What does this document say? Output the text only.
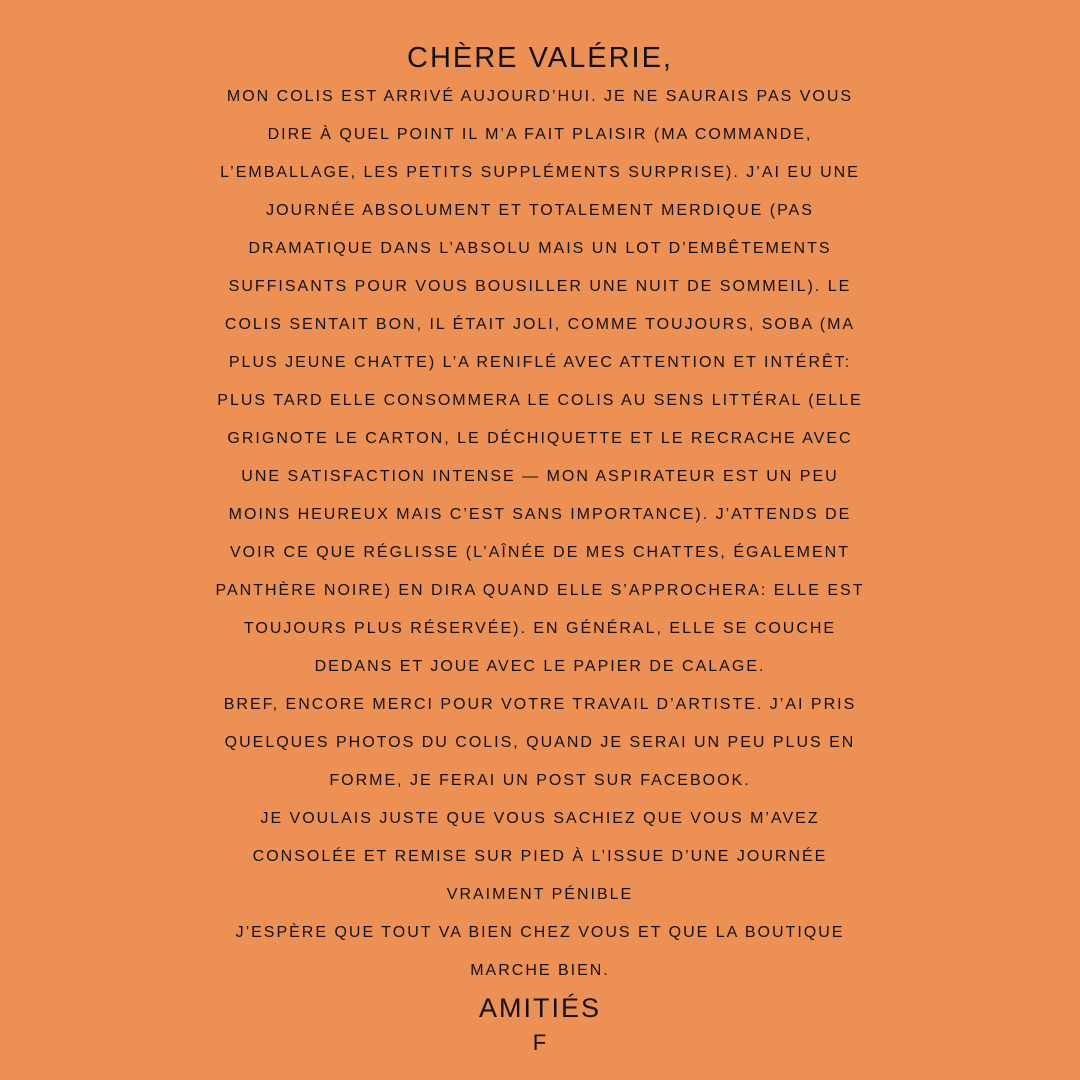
CHÈRE VALÉRIE,

MON COLIS EST ARRIVÉ AUJOURD’HUI. JE NE SAURAIS PAS VOUS

DIRE À QUEL POINT IL M’A FAIT PLAISIR (MA COMMANDE,

L’EMBALLAGE, LES PETITS SUPPLÉMENTS SURPRISE). J’AI EU UNE

JOURNÉE ABSOLUMENT ET TOTALEMENT MERDIQUE (PAS

DRAMATIQUE DANS L’ABSOLU MAIS UN LOT D’EMBÊTEMENTS

SUFFISANTS POUR VOUS BOUSILLER UNE NUIT DE SOMMEIL). LE

COLIS SENTAIT BON, IL ÉTAIT JOLI, COMME TOUJOURS, SOBA (MA

PLUS JEUNE CHATTE) L’A RENIFLÉ AVEC ATTENTION ET INTÉRÊT:

PLUS TARD ELLE CONSOMMERA LE COLIS AU SENS LITTÉRAL (ELLE

GRIGNOTE LE CARTON, LE DÉCHIQUETTE ET LE RECRACHE AVEC

UNE SATISFACTION INTENSE — MON ASPIRATEUR EST UN PEU

MOINS HEUREUX MAIS C’EST SANS IMPORTANCE). J’ATTENDS DE

VOIR CE QUE RÉGLISSE (L’AÎNÉE DE MES CHATTES, ÉGALEMENT

PANTHÈRE NOIRE) EN DIRA QUAND ELLE S’APPROCHERA: ELLE EST

TOUJOURS PLUS RÉSERVÉE). EN GÉNÉRAL, ELLE SE COUCHE

DEDANS ET JOUE AVEC LE PAPIER DE CALAGE.

BREF, ENCORE MERCI POUR VOTRE TRAVAIL D’ARTISTE. J’AI PRIS

QUELQUES PHOTOS DU COLIS, QUAND JE SERAI UN PEU PLUS EN

FORME, JE FERAI UN POST SUR FACEBOOK.

JE VOULAIS JUSTE QUE VOUS SACHIEZ QUE VOUS M’AVEZ

CONSOLÉE ET REMISE SUR PIED À L’ISSUE D’UNE JOURNÉE

VRAIMENT PÉNIBLE

J’ESPÈRE QUE TOUT VA BIEN CHEZ VOUS ET QUE LA BOUTIQUE

MARCHE BIEN.

AMITIÉS

F
